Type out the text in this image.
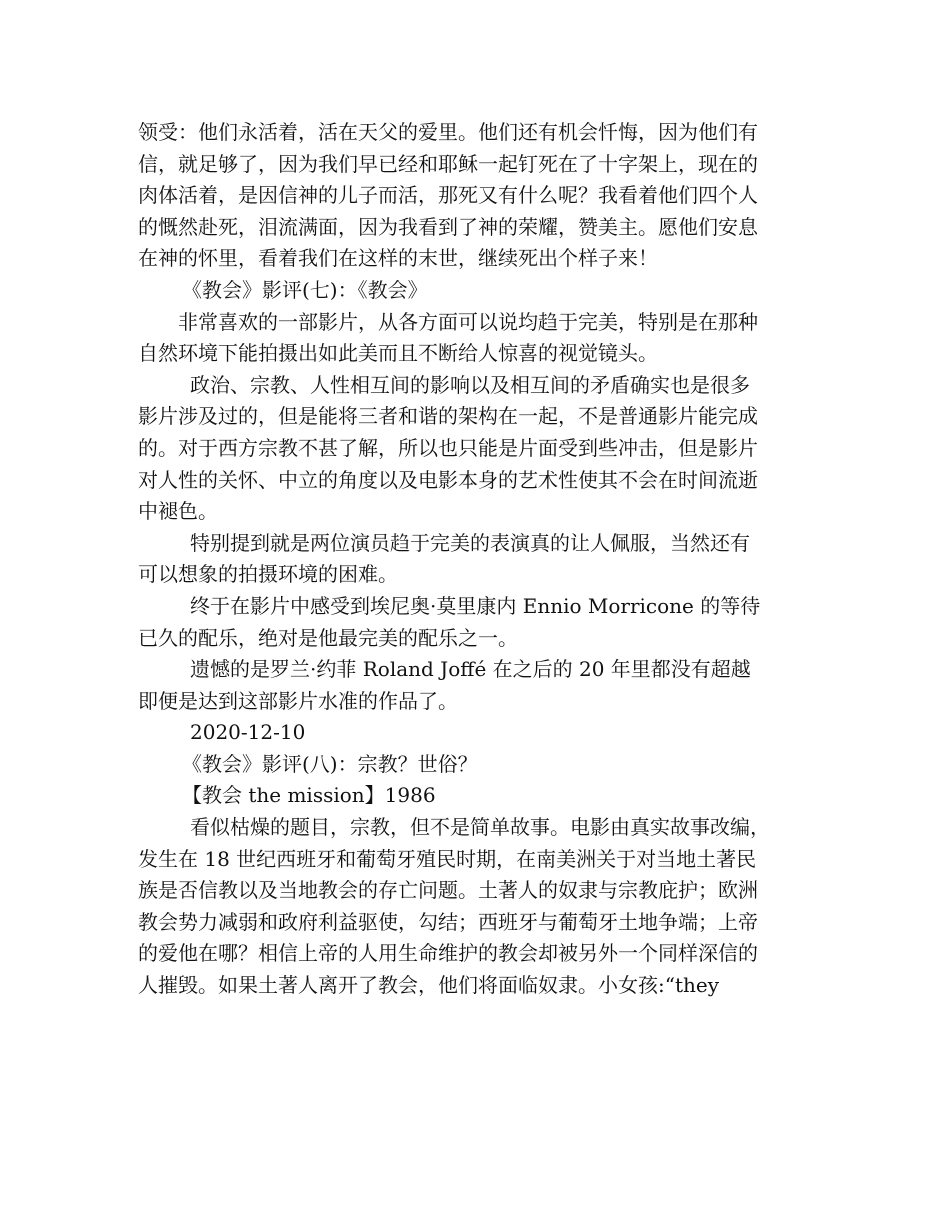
领受：他们永活着，活在天父的爱里。他们还有机会忏悔，因为他们有
信，就足够了，因为我们早已经和耶稣一起钉死在了十字架上，现在的
肉体活着，是因信神的儿子而活，那死又有什么呢？我看着他们四个人
的慨然赴死，泪流满面，因为我看到了神的荣耀，赞美主。愿他们安息
在神的怀里，看着我们在这样的末世，继续死出个样子来！
《教会》影评(七)：《教会》
非常喜欢的一部影片，从各方面可以说均趋于完美，特别是在那种
自然环境下能拍摄出如此美而且不断给人惊喜的视觉镜头。
政治、宗教、人性相互间的影响以及相互间的矛盾确实也是很多
影片涉及过的，但是能将三者和谐的架构在一起，不是普通影片能完成
的。对于西方宗教不甚了解，所以也只能是片面受到些冲击，但是影片
对人性的关怀、中立的角度以及电影本身的艺术性使其不会在时间流逝
中褪色。
特别提到就是两位演员趋于完美的表演真的让人佩服，当然还有
可以想象的拍摄环境的困难。
终于在影片中感受到埃尼奥·莫里康内 Ennio Morricone 的等待
已久的配乐，绝对是他最完美的配乐之一。
遗憾的是罗兰·约菲 Roland Joffé 在之后的 20 年里都没有超越
即便是达到这部影片水准的作品了。
2020-12-10
《教会》影评(八)：宗教？世俗？
【教会 the mission】1986
看似枯燥的题目，宗教，但不是简单故事。电影由真实故事改编，
发生在 18 世纪西班牙和葡萄牙殖民时期，在南美洲关于对当地土著民
族是否信教以及当地教会的存亡问题。土著人的奴隶与宗教庇护；欧洲
教会势力减弱和政府利益驱使，勾结；西班牙与葡萄牙土地争端；上帝
的爱他在哪？相信上帝的人用生命维护的教会却被另外一个同样深信的
人摧毁。如果土著人离开了教会，他们将面临奴隶。小女孩:“they
